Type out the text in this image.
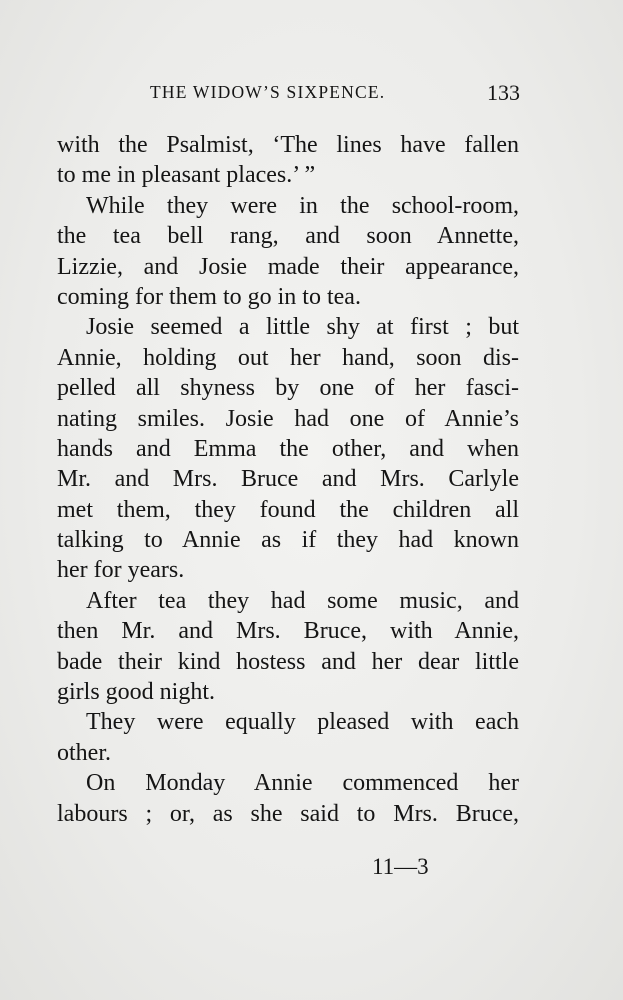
THE WIDOW’S SIXPENCE.	133
with the Psalmist, ‘The lines have fallen
to me in pleasant places.’ ”
While they were in the school-room,
the tea bell rang, and soon Annette,
Lizzie, and Josie made their appearance,
coming for them to go in to tea.
Josie seemed a little shy at first ; but
Annie, holding out her hand, soon dis-
pelled all shyness by one of her fasci-
nating smiles. Josie had one of Annie’s
hands and Emma the other, and when
Mr. and Mrs. Bruce and Mrs. Carlyle
met them, they found the children all
talking to Annie as if they had known
her for years.
After tea they had some music, and
then Mr. and Mrs. Bruce, with Annie,
bade their kind hostess and her dear little
girls good night.
They were equally pleased with each
other.
On Monday Annie commenced her
labours ; or, as she said to Mrs. Bruce,
11—3
